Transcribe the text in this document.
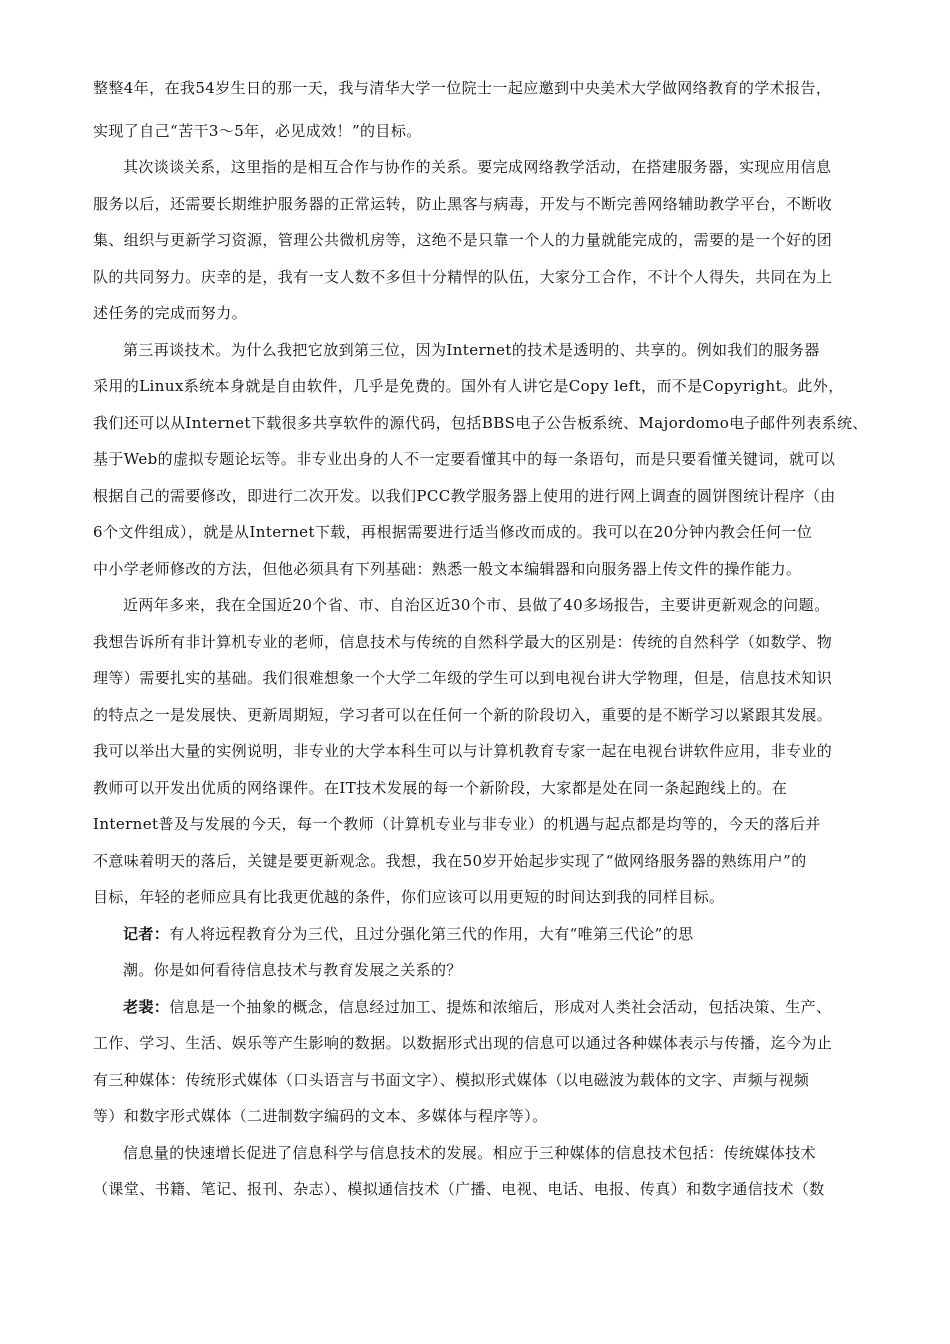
整整4年，在我54岁生日的那一天，我与清华大学一位院士一起应邀到中央美术大学做网络教育的学术报告，
实现了自己“苦干3～5年，必见成效！”的目标。
其次谈谈关系，这里指的是相互合作与协作的关系。要完成网络教学活动，在搭建服务器，实现应用信息
服务以后，还需要长期维护服务器的正常运转，防止黑客与病毒，开发与不断完善网络辅助教学平台，不断收
集、组织与更新学习资源，管理公共微机房等，这绝不是只靠一个人的力量就能完成的，需要的是一个好的团
队的共同努力。庆幸的是，我有一支人数不多但十分精悍的队伍，大家分工合作，不计个人得失，共同在为上
述任务的完成而努力。
第三再谈技术。为什么我把它放到第三位，因为Internet的技术是透明的、共享的。例如我们的服务器
采用的Linux系统本身就是自由软件，几乎是免费的。国外有人讲它是Copy left，而不是Copyright。此外，
我们还可以从Internet下载很多共享软件的源代码，包括BBS电子公告板系统、Majordomo电子邮件列表系统、
基于Web的虚拟专题论坛等。非专业出身的人不一定要看懂其中的每一条语句，而是只要看懂关键词，就可以
根据自己的需要修改，即进行二次开发。以我们PCC教学服务器上使用的进行网上调查的圆饼图统计程序（由
6个文件组成），就是从Internet下载，再根据需要进行适当修改而成的。我可以在20分钟内教会任何一位
中小学老师修改的方法，但他必须具有下列基础：熟悉一般文本编辑器和向服务器上传文件的操作能力。
近两年多来，我在全国近20个省、市、自治区近30个市、县做了40多场报告，主要讲更新观念的问题。
我想告诉所有非计算机专业的老师，信息技术与传统的自然科学最大的区别是：传统的自然科学（如数学、物
理等）需要扎实的基础。我们很难想象一个大学二年级的学生可以到电视台讲大学物理，但是，信息技术知识
的特点之一是发展快、更新周期短，学习者可以在任何一个新的阶段切入，重要的是不断学习以紧跟其发展。
我可以举出大量的实例说明，非专业的大学本科生可以与计算机教育专家一起在电视台讲软件应用，非专业的
教师可以开发出优质的网络课件。在IT技术发展的每一个新阶段，大家都是处在同一条起跑线上的。在
Internet普及与发展的今天，每一个教师（计算机专业与非专业）的机遇与起点都是均等的，今天的落后并
不意味着明天的落后，关键是要更新观念。我想，我在50岁开始起步实现了“做网络服务器的熟练用户”的
目标，年轻的老师应具有比我更优越的条件，你们应该可以用更短的时间达到我的同样目标。
记者：有人将远程教育分为三代，且过分强化第三代的作用，大有“唯第三代论”的思
潮。你是如何看待信息技术与教育发展之关系的？
老裴：信息是一个抽象的概念，信息经过加工、提炼和浓缩后，形成对人类社会活动，包括决策、生产、
工作、学习、生活、娱乐等产生影响的数据。以数据形式出现的信息可以通过各种媒体表示与传播，迄今为止
有三种媒体：传统形式媒体（口头语言与书面文字）、模拟形式媒体（以电磁波为载体的文字、声频与视频
等）和数字形式媒体（二进制数字编码的文本、多媒体与程序等）。
信息量的快速增长促进了信息科学与信息技术的发展。相应于三种媒体的信息技术包括：传统媒体技术
（课堂、书籍、笔记、报刊、杂志）、模拟通信技术（广播、电视、电话、电报、传真）和数字通信技术（数
